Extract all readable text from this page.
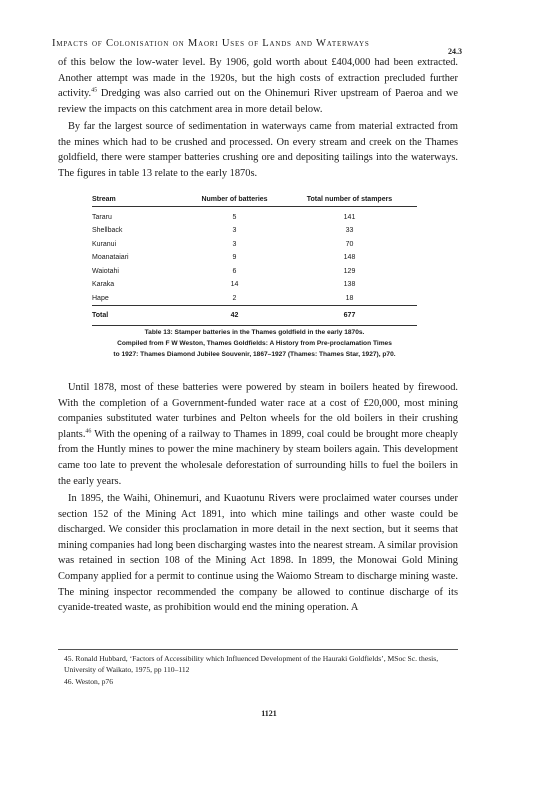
Impacts of Colonisation on Maori Uses of Lands and Waterways
24.3

of this below the low-water level. By 1906, gold worth about £404,000 had been extracted. Another attempt was made in the 1920s, but the high costs of extraction precluded further activity.$^{45}$ Dredging was also carried out on the Ohinemuri River upstream of Paeroa and we review the impacts on this catchment area in more detail below.

By far the largest source of sedimentation in waterways came from material extracted from the mines which had to be crushed and processed. On every stream and creek on the Thames goldfield, there were stamper batteries crushing ore and depositing tailings into the waterways. The figures in table 13 relate to the early 1870s.

Stream	Number of batteries	Total number of stampers
Tararu	5	141
Shellback	3	33
Kuranui	3	70
Moanataiari	9	148
Waiotahi	6	129
Karaka	14	138
Hape	2	18
Total	42	677
Table 13: Stamper batteries in the Thames goldfield in the early 1870s.
Compiled from F W Weston, Thames Goldfields: A History from Pre-proclamation Times
to 1927: Thames Diamond Jubilee Souvenir, 1867–1927 (Thames: Thames Star, 1927), p70.

Until 1878, most of these batteries were powered by steam in boilers heated by firewood. With the completion of a Government-funded water race at a cost of £20,000, most mining companies substituted water turbines and Pelton wheels for the old boilers in their crushing plants.$^{46}$ With the opening of a railway to Thames in 1899, coal could be brought more cheaply from the Huntly mines to power the mine machinery by steam boilers again. This development came too late to prevent the wholesale deforestation of surrounding hills to fuel the boilers in the early years.

In 1895, the Waihi, Ohinemuri, and Kuaotunu Rivers were proclaimed water courses under section 152 of the Mining Act 1891, into which mine tailings and other waste could be discharged. We consider this proclamation in more detail in the next section, but it seems that mining companies had long been discharging wastes into the nearest stream. A similar provision was retained in section 108 of the Mining Act 1898. In 1899, the Monowai Gold Mining Company applied for a permit to continue using the Waiomo Stream to discharge mining waste. The mining inspector recommended the company be allowed to continue discharge of its cyanide-treated waste, as prohibition would end the mining operation. A

45. Ronald Hubbard, ‘Factors of Accessibility which Influenced Development of the Hauraki Goldfields’, MSoc Sc. thesis, University of Waikato, 1975, pp 110–112

46. Weston, p76

1121
